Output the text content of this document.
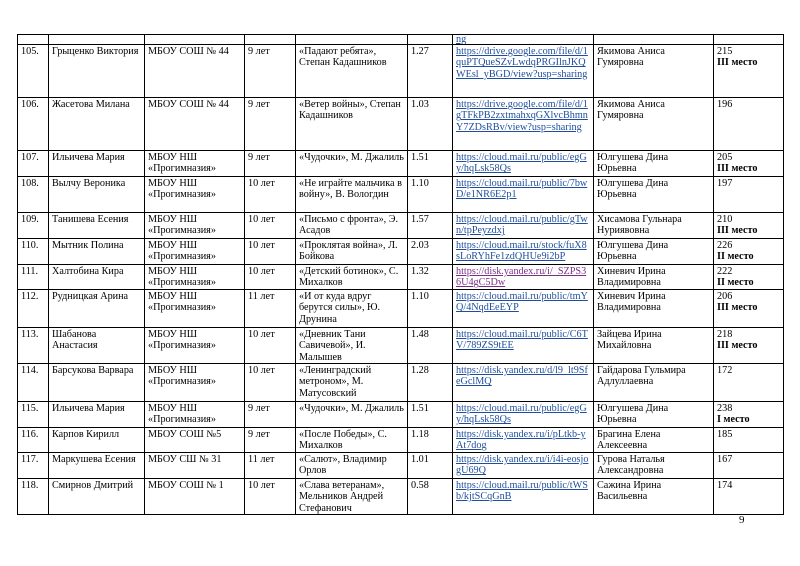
						ng		
105.	Грыценко Виктория	МБОУ СОШ № 44	9 лет	«Падают ребята», Степан Кадашников	1.27	https://drive.google.com/file/d/1quPTQueSZvLwdqPRGIlnJKQWEsl_yBGD/view?usp=sharing	Якимова Аниса Гумяровна	215
III место

106.	Жасетова Милана	МБОУ СОШ № 44	9 лет	«Ветер войны», Степан Кадашников	1.03	https://drive.google.com/file/d/1gTFkPB2zxtmahxqGXlvcBhmnY7ZDsRBv/view?usp=sharing	Якимова Аниса Гумяровна	196

107.	Ильичева Мария	МБОУ НШ «Прогимназия»	9 лет	«Чудочки», М. Джалиль	1.51	https://cloud.mail.ru/public/egGy/hqLsk58Qs	Юлгушева Дина Юрьевна	205
III место

108.	Вылчу Вероника	МБОУ НШ «Прогимназия»	10 лет	«Не играйте мальчика в войну», В. Вологдин	1.10	https://cloud.mail.ru/public/7bwD/e1NR6E2p1	Юлгушева Дина Юрьевна	197

109.	Танишева Есения	МБОУ НШ «Прогимназия»	10 лет	«Письмо с фронта», Э. Асадов	1.57	https://cloud.mail.ru/public/gTwn/tpPeyzdxj	Хисамова Гульнара Нуриявовна	210
III место

110.	Мытник Полина	МБОУ НШ «Прогимназия»	10 лет	«Проклятая война», Л. Бойкова	2.03	https://cloud.mail.ru/stock/fuX8sLoRYhFe1zdQHUe9i2bP	Юлгушева Дина Юрьевна	226
II место

111.	Халтобина Кира	МБОУ НШ «Прогимназия»	10 лет	«Детский ботинок», С. Михалков	1.32	https://disk.yandex.ru/i/_SZPS36U4gC5Dw	Хиневич Ирина Владимировна	222
II место

112.	Рудницкая Арина	МБОУ НШ «Прогимназия»	11 лет	«И от куда вдруг берутся силы», Ю. Друнина	1.10	https://cloud.mail.ru/public/tmYQ/4NqdEeEYP	Хиневич Ирина Владимировна	206
III место

113.	Шабанова Анастасия	МБОУ НШ «Прогимназия»	10 лет	«Дневник Тани Савичевой», И. Малышев	1.48	https://cloud.mail.ru/public/C6TV/789ZS9tEE	Зайцева Ирина Михайловна	218
III место

114.	Барсукова Варвара	МБОУ НШ «Прогимназия»	10 лет	«Ленинградский метроном», М. Матусовский	1.28	https://disk.yandex.ru/d/l9_lt9SfeGclMQ	Гайдарова Гульмира Адлуллаевна	172

115.	Ильичева Мария	МБОУ НШ «Прогимназия»	9 лет	«Чудочки», М. Джалиль	1.51	https://cloud.mail.ru/public/egGy/hqLsk58Qs	Юлгушева Дина Юрьевна	238
I место

116.	Карпов Кирилл	МБОУ СОШ №5	9 лет	«После Победы», С. Михалков	1.18	https://disk.yandex.ru/i/pLtkb-yAt7dog	Брагина Елена Алексеевна	185

117.	Маркушева Есения	МБОУ СШ № 31	11 лет	«Салют», Владимир Орлов	1.01	https://disk.yandex.ru/i/i4i-eosjogU69Q	Гурова Наталья Александровна	167

118.	Смирнов Дмитрий	МБОУ СОШ № 1	10 лет	«Слава ветеранам», Мельников Андрей Стефанович	0.58	https://cloud.mail.ru/public/tWSb/kjtSCqGnB	Сажина Ирина Васильевна	174
9
